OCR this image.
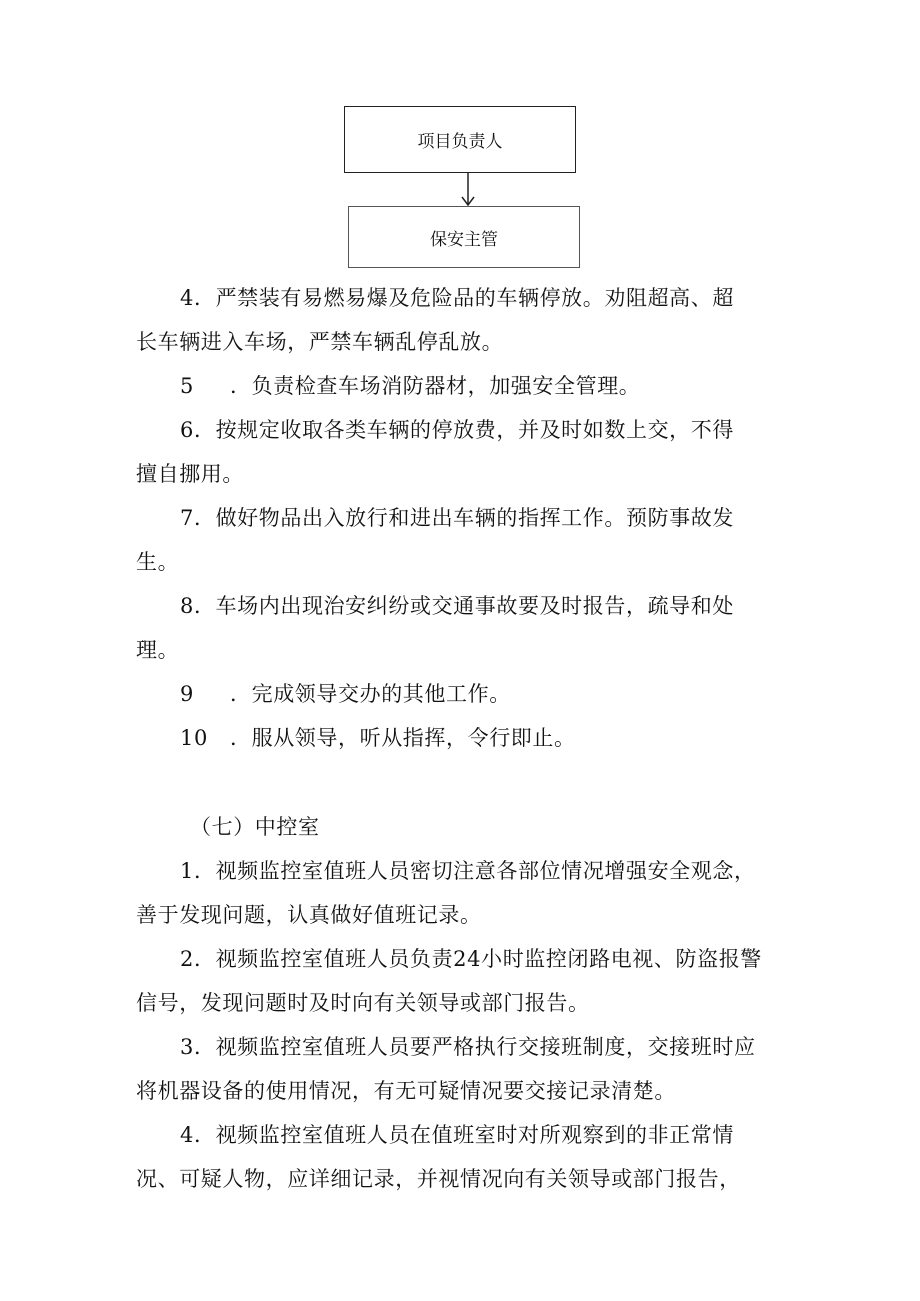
项目负责人
保安主管
4．严禁装有易燃易爆及危险品的车辆停放。劝阻超高、超
长车辆进入车场，严禁车辆乱停乱放。
5 ．负责检查车场消防器材，加强安全管理。
6．按规定收取各类车辆的停放费，并及时如数上交，不得
擅自挪用。
7．做好物品出入放行和进出车辆的指挥工作。预防事故发
生。
8．车场内出现治安纠纷或交通事故要及时报告，疏导和处
理。
9 ．完成领导交办的其他工作。
10 ．服从领导，听从指挥，令行即止。
（七）中控室
1．视频监控室值班人员密切注意各部位情况增强安全观念，
善于发现问题，认真做好值班记录。
2．视频监控室值班人员负责24小时监控闭路电视、防盗报警
信号，发现问题时及时向有关领导或部门报告。
3．视频监控室值班人员要严格执行交接班制度，交接班时应
将机器设备的使用情况，有无可疑情况要交接记录清楚。
4．视频监控室值班人员在值班室时对所观察到的非正常情
况、可疑人物，应详细记录，并视情况向有关领导或部门报告，
